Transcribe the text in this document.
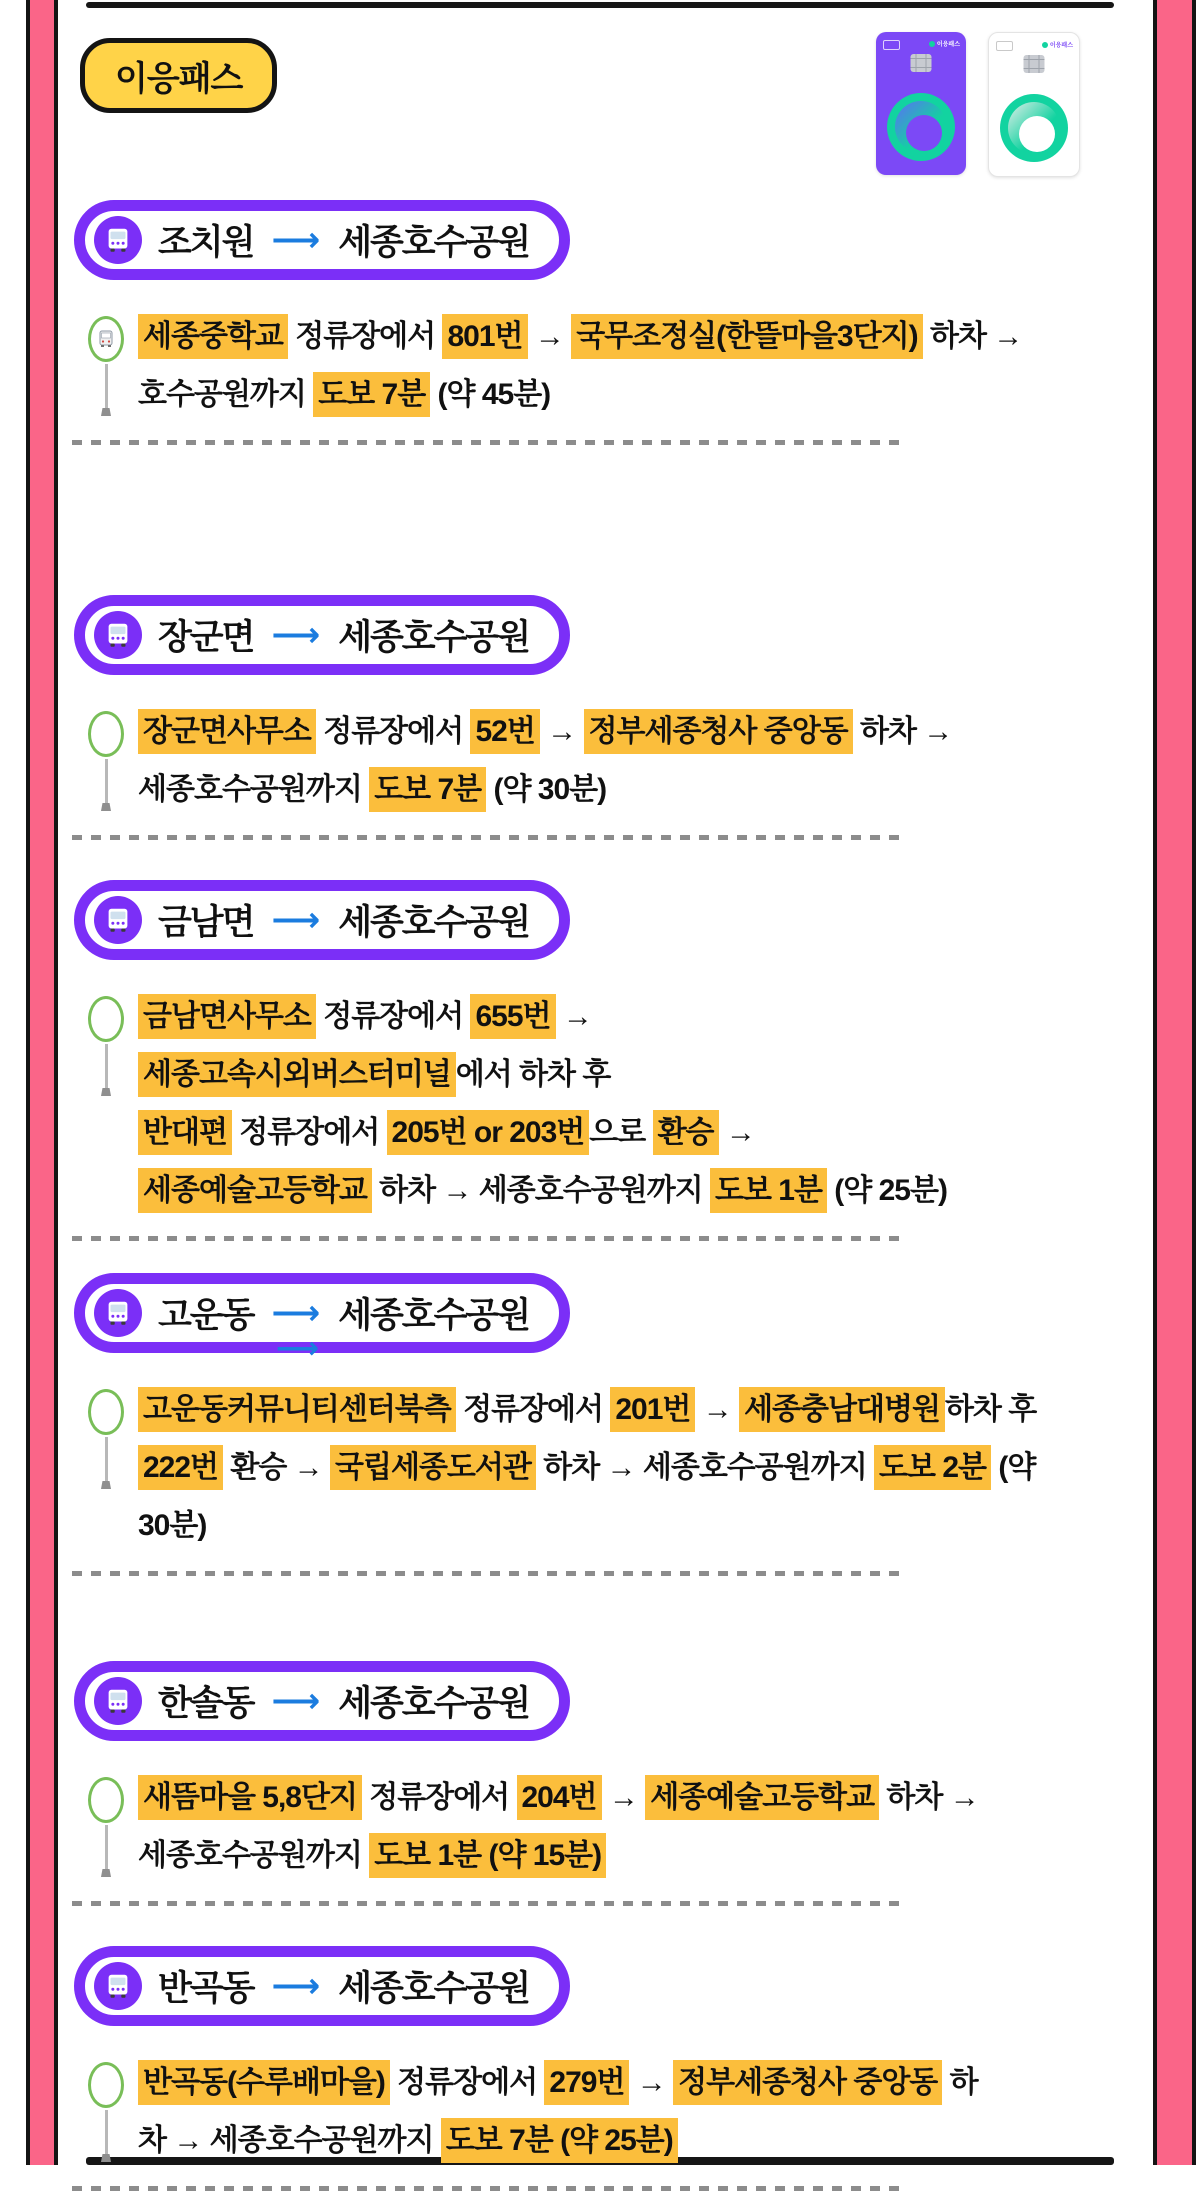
이응패스
이응패스	이응패스
조치원 ⟶ 세종호수공원
세종중학교 정류장에서 801번 → 국무조정실(한뜰마을3단지) 하차 →
호수공원까지 도보 7분 (약 45분)
장군면 ⟶ 세종호수공원
장군면사무소 정류장에서 52번 → 정부세종청사 중앙동 하차 →
세종호수공원까지 도보 7분 (약 30분)
금남면 ⟶ 세종호수공원
금남면사무소 정류장에서 655번 →
세종고속시외버스터미널 에서 하차 후
반대편 정류장에서 205번 or 203번 으로 환승 →
세종예술고등학교 하차 → 세종호수공원까지 도보 1분 (약 25분)
고운동 ⟶ 세종호수공원
⟶
고운동커뮤니티센터북측 정류장에서 201번 → 세종충남대병원 하차 후
222번 환승 → 국립세종도서관 하차 → 세종호수공원까지 도보 2분 (약
30분)
한솔동 ⟶ 세종호수공원
새뜸마을 5,8단지 정류장에서 204번 → 세종예술고등학교 하차 →
세종호수공원까지 도보 1분 (약 15분)
반곡동 ⟶ 세종호수공원
반곡동(수루배마을) 정류장에서 279번 → 정부세종청사 중앙동 하
차 → 세종호수공원까지 도보 7분 (약 25분)
